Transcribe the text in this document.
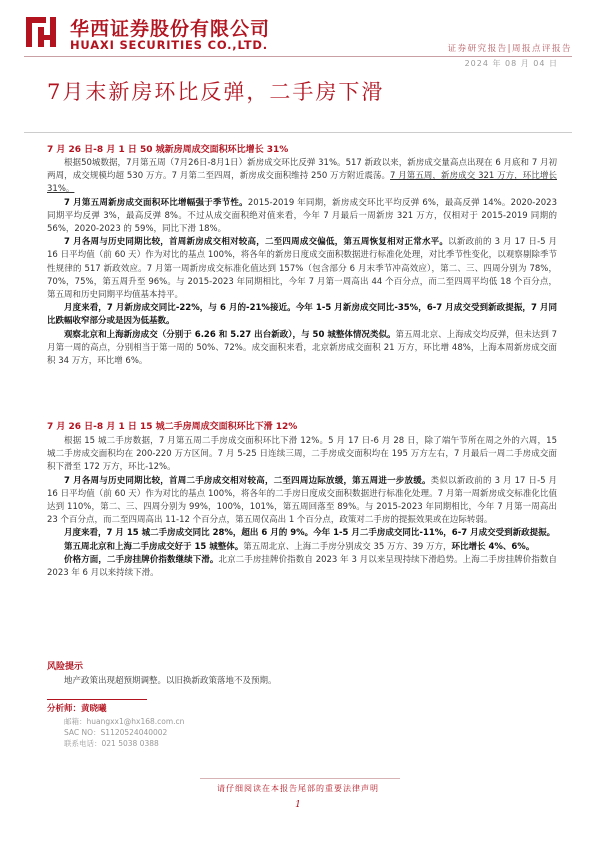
华西证券股份有限公司
HUAXI SECURITIES CO.,LTD.	证券研究报告|周报点评报告
2024 年 08 月 04 日
7月末新房环比反弹，二手房下滑
7 月 26 日-8 月 1 日 50 城新房周成交面积环比增长 31%

根据50城数据，7月第五周（7月26日-8月1日）新房成交环比反弹 31%。517 新政以来，新房成交量高点出现在 6 月底和 7 月初两周，成交规模均超 530 万方。7 月第二至四周，新房成交面积维持 250 万方附近震荡。7 月第五周，新房成交 321 万方，环比增长 31%。

7 月第五周新房成交面积环比增幅强于季节性。2015-2019 年同期，新房成交环比平均反弹 6%，最高反弹 14%。2020-2023 同期平均反弹 3%，最高反弹 8%。不过从成交面积绝对值来看，今年 7 月最后一周新房 321 万方，仅相对于 2015-2019 同期的 56%，2020-2023 的 59%，同比下滑 18%。

7 月各周与历史同期比较，首周新房成交相对较高，二至四周成交偏低，第五周恢复相对正常水平。以新政前的 3 月 17 日-5 月 16 日平均值（前 60 天）作为对比的基点 100%，将各年的新房日度成交面积数据进行标准化处理，对比季节性变化，以观察剔除季节性规律的 517 新政效应。7 月第一周新房成交标准化值达到 157%（包含部分 6 月末季节冲高效应），第二、三、四周分别为 78%，70%，75%，第五周升至 96%。与 2015-2023 年同期相比，今年 7 月第一周高出 44 个百分点，而二至四周平均低 18 个百分点，第五周和历史同期平均值基本持平。

月度来看，7 月新房成交同比-22%，与 6 月的-21%接近。今年 1-5 月新房成交同比-35%，6-7 月成交受到新政提振，7 月同比跌幅收窄部分或是因为低基数。

观察北京和上海新房成交（分别于 6.26 和 5.27 出台新政），与 50 城整体情况类似。第五周北京、上海成交均反弹，但未达到 7 月第一周的高点，分别相当于第一周的 50%、72%。成交面积来看，北京新房成交面积 21 万方，环比增 48%，上海本周新房成交面积 34 万方，环比增 6%。

7 月 26 日-8 月 1 日 15 城二手房周成交面积环比下滑 12%

根据 15 城二手房数据，7 月第五周二手房成交面积环比下滑 12%。5 月 17 日-6 月 28 日，除了端午节所在周之外的六周，15 城二手房成交面积均在 200-220 万方区间。7 月 5-25 日连续三周，二手房成交面积均在 195 万方左右，7 月最后一周二手房成交面积下滑至 172 万方，环比-12%。

7 月各周与历史同期比较，首周二手房成交相对较高，二至四周边际放缓，第五周进一步放缓。类似以新政前的 3 月 17 日-5 月 16 日平均值（前 60 天）作为对比的基点 100%，将各年的二手房日度成交面积数据进行标准化处理。7 月第一周新房成交标准化比值达到 110%，第二、三、四周分别为 99%，100%，101%，第五周回落至 89%。与 2015-2023 年同期相比，今年 7 月第一周高出 23 个百分点，而二至四周高出 11-12 个百分点，第五周仅高出 1 个百分点，政策对二手房的提振效果或在边际转弱。

月度来看，7 月 15 城二手房成交同比 28%，超出 6 月的 9%。今年 1-5 月二手房成交同比-11%，6-7 月成交受到新政提振。

第五周北京和上海二手房成交好于 15 城整体。第五周北京、上海二手房分别成交 35 万方、39 万方，环比增长 4%、6%。

价格方面，二手房挂牌价指数继续下滑。北京二手房挂牌价指数自 2023 年 3 月以来呈现持续下滑趋势。上海二手房挂牌价指数自 2023 年 6 月以来持续下滑。

风险提示
地产政策出现超预期调整。以旧换新政策落地不及预期。
分析师：黄晓曦
邮箱：huangxx1@hx168.com.cn
SAC NO：S1120524040002
联系电话：021 5038 0388
请仔细阅读在本报告尾部的重要法律声明
1
